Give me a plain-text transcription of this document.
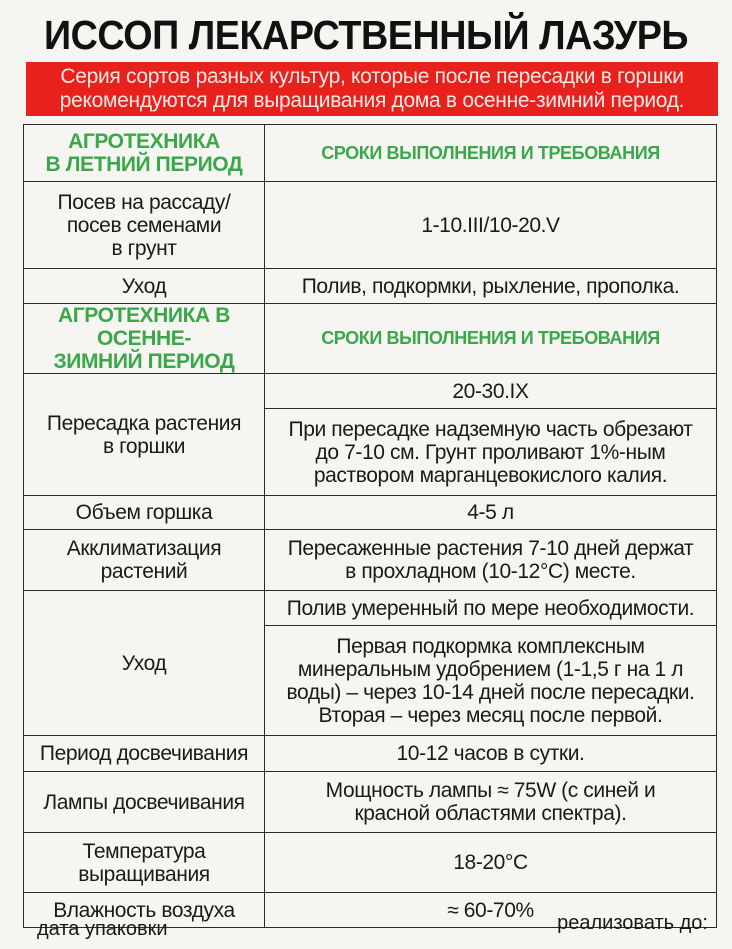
ИССОП ЛЕКАРСТВЕННЫЙ ЛАЗУРЬ
Серия сортов разных культур, которые после пересадки в горшки
рекомендуются для выращивания дома в осенне-зимний период.
АГРОТЕХНИКА
В ЛЕТНИЙ ПЕРИОД	СРОКИ ВЫПОЛНЕНИЯ И ТРЕБОВАНИЯ

Посев на рассаду/
посев семенами
в грунт	1-10.III/10-20.V
Уход	Полив, подкормки, рыхление, прополка.

АГРОТЕХНИКА В ОСЕННЕ-
ЗИМНИЙ ПЕРИОД	СРОКИ ВЫПОЛНЕНИЯ И ТРЕБОВАНИЯ

Пересадка растения
в горшки	20-30.IX

	При пересадке надземную часть обрезают
до 7-10 см. Грунт проливают 1%-ным
раствором марганцевокислого калия.

Объем горшка	4-5 л

Акклиматизация
растений	Пересаженные растения 7-10 дней держат
в прохладном (10-12°C) месте.

Уход	Полив умеренный по мере необходимости.

	Первая подкормка комплексным
минеральным удобрением (1-1,5 г на 1 л
воды) – через 10-14 дней после пересадки.
Вторая – через месяц после первой.

Период досвечивания	10-12 часов в сутки.
Лампы досвечивания	Мощность лампы ≈ 75W (с синей и
красной областями спектра).

Температура
выращивания	18-20°C
Влажность воздуха	≈ 60-70%
дата упаковки	реализовать до:
